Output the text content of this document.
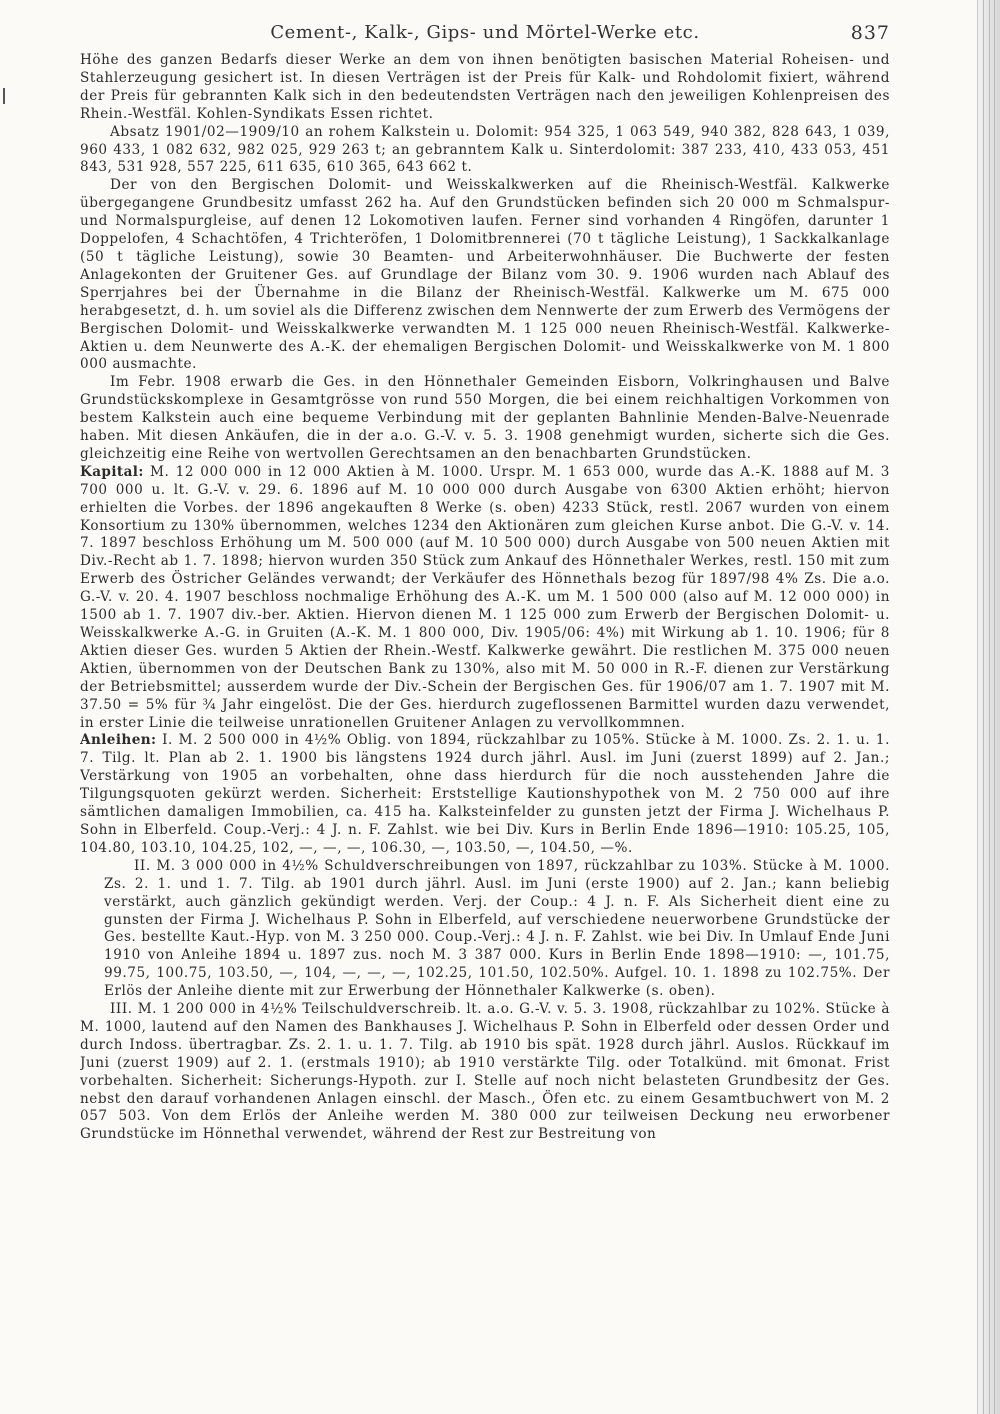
Cement-, Kalk-, Gips- und Mörtel-Werke etc.	837

Höhe des ganzen Bedarfs dieser Werke an dem von ihnen benötigten basischen Material Roheisen- und Stahlerzeugung gesichert ist. In diesen Verträgen ist der Preis für Kalk- und Rohdolomit fixiert, während der Preis für gebrannten Kalk sich in den bedeutendsten Verträgen nach den jeweiligen Kohlenpreisen des Rhein.-Westfäl. Kohlen-Syndikats Essen richtet.

Absatz 1901/02—1909/10 an rohem Kalkstein u. Dolomit: 954 325, 1 063 549, 940 382, 828 643, 1 039, 960 433, 1 082 632, 982 025, 929 263 t; an gebranntem Kalk u. Sinterdolomit: 387 233, 410, 433 053, 451 843, 531 928, 557 225, 611 635, 610 365, 643 662 t.

Der von den Bergischen Dolomit- und Weisskalkwerken auf die Rheinisch-Westfäl. Kalkwerke übergegangene Grundbesitz umfasst 262 ha. Auf den Grundstücken befinden sich 20 000 m Schmalspur- und Normalspurgleise, auf denen 12 Lokomotiven laufen. Ferner sind vorhanden 4 Ringöfen, darunter 1 Doppelofen, 4 Schachtöfen, 4 Trichteröfen, 1 Dolomitbrennerei (70 t tägliche Leistung), 1 Sackkalkanlage (50 t tägliche Leistung), sowie 30 Beamten- und Arbeiterwohnhäuser. Die Buchwerte der festen Anlagekonten der Gruitener Ges. auf Grundlage der Bilanz vom 30. 9. 1906 wurden nach Ablauf des Sperrjahres bei der Übernahme in die Bilanz der Rheinisch-Westfäl. Kalkwerke um M. 675 000 herabgesetzt, d. h. um soviel als die Differenz zwischen dem Nennwerte der zum Erwerb des Vermögens der Bergischen Dolomit- und Weisskalkwerke verwandten M. 1 125 000 neuen Rheinisch-Westfäl. Kalkwerke-Aktien u. dem Neunwerte des A.-K. der ehemaligen Bergischen Dolomit- und Weisskalkwerke von M. 1 800 000 ausmachte.

Im Febr. 1908 erwarb die Ges. in den Hönnethaler Gemeinden Eisborn, Volkringhausen und Balve Grundstückskomplexe in Gesamtgrösse von rund 550 Morgen, die bei einem reichhaltigen Vorkommen von bestem Kalkstein auch eine bequeme Verbindung mit der geplanten Bahnlinie Menden-Balve-Neuenrade haben. Mit diesen Ankäufen, die in der a.o. G.-V. v. 5. 3. 1908 genehmigt wurden, sicherte sich die Ges. gleichzeitig eine Reihe von wertvollen Gerechtsamen an den benachbarten Grundstücken.

Kapital: M. 12 000 000 in 12 000 Aktien à M. 1000. Urspr. M. 1 653 000, wurde das A.-K. 1888 auf M. 3 700 000 u. lt. G.-V. v. 29. 6. 1896 auf M. 10 000 000 durch Ausgabe von 6300 Aktien erhöht; hiervon erhielten die Vorbes. der 1896 angekauften 8 Werke (s. oben) 4233 Stück, restl. 2067 wurden von einem Konsortium zu 130% übernommen, welches 1234 den Aktionären zum gleichen Kurse anbot. Die G.-V. v. 14. 7. 1897 beschloss Erhöhung um M. 500 000 (auf M. 10 500 000) durch Ausgabe von 500 neuen Aktien mit Div.-Recht ab 1. 7. 1898; hiervon wurden 350 Stück zum Ankauf des Hönnethaler Werkes, restl. 150 mit zum Erwerb des Östricher Geländes verwandt; der Verkäufer des Hönnethals bezog für 1897/98 4% Zs. Die a.o. G.-V. v. 20. 4. 1907 beschloss nochmalige Erhöhung des A.-K. um M. 1 500 000 (also auf M. 12 000 000) in 1500 ab 1. 7. 1907 div.-ber. Aktien. Hiervon dienen M. 1 125 000 zum Erwerb der Bergischen Dolomit- u. Weisskalkwerke A.-G. in Gruiten (A.-K. M. 1 800 000, Div. 1905/06: 4%) mit Wirkung ab 1. 10. 1906; für 8 Aktien dieser Ges. wurden 5 Aktien der Rhein.-Westf. Kalkwerke gewährt. Die restlichen M. 375 000 neuen Aktien, übernommen von der Deutschen Bank zu 130%, also mit M. 50 000 in R.-F. dienen zur Verstärkung der Betriebsmittel; ausserdem wurde der Div.-Schein der Bergischen Ges. für 1906/07 am 1. 7. 1907 mit M. 37.50 = 5% für ¾ Jahr eingelöst. Die der Ges. hierdurch zugeflossenen Barmittel wurden dazu verwendet, in erster Linie die teilweise unrationellen Gruitener Anlagen zu vervollkommnen.

Anleihen: I. M. 2 500 000 in 4½% Oblig. von 1894, rückzahlbar zu 105%. Stücke à M. 1000. Zs. 2. 1. u. 1. 7. Tilg. lt. Plan ab 2. 1. 1900 bis längstens 1924 durch jährl. Ausl. im Juni (zuerst 1899) auf 2. Jan.; Verstärkung von 1905 an vorbehalten, ohne dass hierdurch für die noch ausstehenden Jahre die Tilgungsquoten gekürzt werden. Sicherheit: Erststellige Kautionshypothek von M. 2 750 000 auf ihre sämtlichen damaligen Immobilien, ca. 415 ha. Kalksteinfelder zu gunsten jetzt der Firma J. Wichelhaus P. Sohn in Elberfeld. Coup.-Verj.: 4 J. n. F. Zahlst. wie bei Div. Kurs in Berlin Ende 1896—1910: 105.25, 105, 104.80, 103.10, 104.25, 102, —, —, —, 106.30, —, 103.50, —, 104.50, —%.

II. M. 3 000 000 in 4½% Schuldverschreibungen von 1897, rückzahlbar zu 103%. Stücke à M. 1000. Zs. 2. 1. und 1. 7. Tilg. ab 1901 durch jährl. Ausl. im Juni (erste 1900) auf 2. Jan.; kann beliebig verstärkt, auch gänzlich gekündigt werden. Verj. der Coup.: 4 J. n. F. Als Sicherheit dient eine zu gunsten der Firma J. Wichelhaus P. Sohn in Elberfeld, auf verschiedene neuerworbene Grundstücke der Ges. bestellte Kaut.-Hyp. von M. 3 250 000. Coup.-Verj.: 4 J. n. F. Zahlst. wie bei Div. In Umlauf Ende Juni 1910 von Anleihe 1894 u. 1897 zus. noch M. 3 387 000. Kurs in Berlin Ende 1898—1910: —, 101.75, 99.75, 100.75, 103.50, —, 104, —, —, —, 102.25, 101.50, 102.50%. Aufgel. 10. 1. 1898 zu 102.75%. Der Erlös der Anleihe diente mit zur Erwerbung der Hönnethaler Kalkwerke (s. oben).

III. M. 1 200 000 in 4½% Teilschuldverschreib. lt. a.o. G.-V. v. 5. 3. 1908, rückzahlbar zu 102%. Stücke à M. 1000, lautend auf den Namen des Bankhauses J. Wichelhaus P. Sohn in Elberfeld oder dessen Order und durch Indoss. übertragbar. Zs. 2. 1. u. 1. 7. Tilg. ab 1910 bis spät. 1928 durch jährl. Auslos. Rückkauf im Juni (zuerst 1909) auf 2. 1. (erstmals 1910); ab 1910 verstärkte Tilg. oder Totalkünd. mit 6monat. Frist vorbehalten. Sicherheit: Sicherungs-Hypoth. zur I. Stelle auf noch nicht belasteten Grundbesitz der Ges. nebst den darauf vorhandenen Anlagen einschl. der Masch., Öfen etc. zu einem Gesamtbuchwert von M. 2 057 503. Von dem Erlös der Anleihe werden M. 380 000 zur teilweisen Deckung neu erworbener Grundstücke im Hönnethal verwendet, während der Rest zur Bestreitung von
